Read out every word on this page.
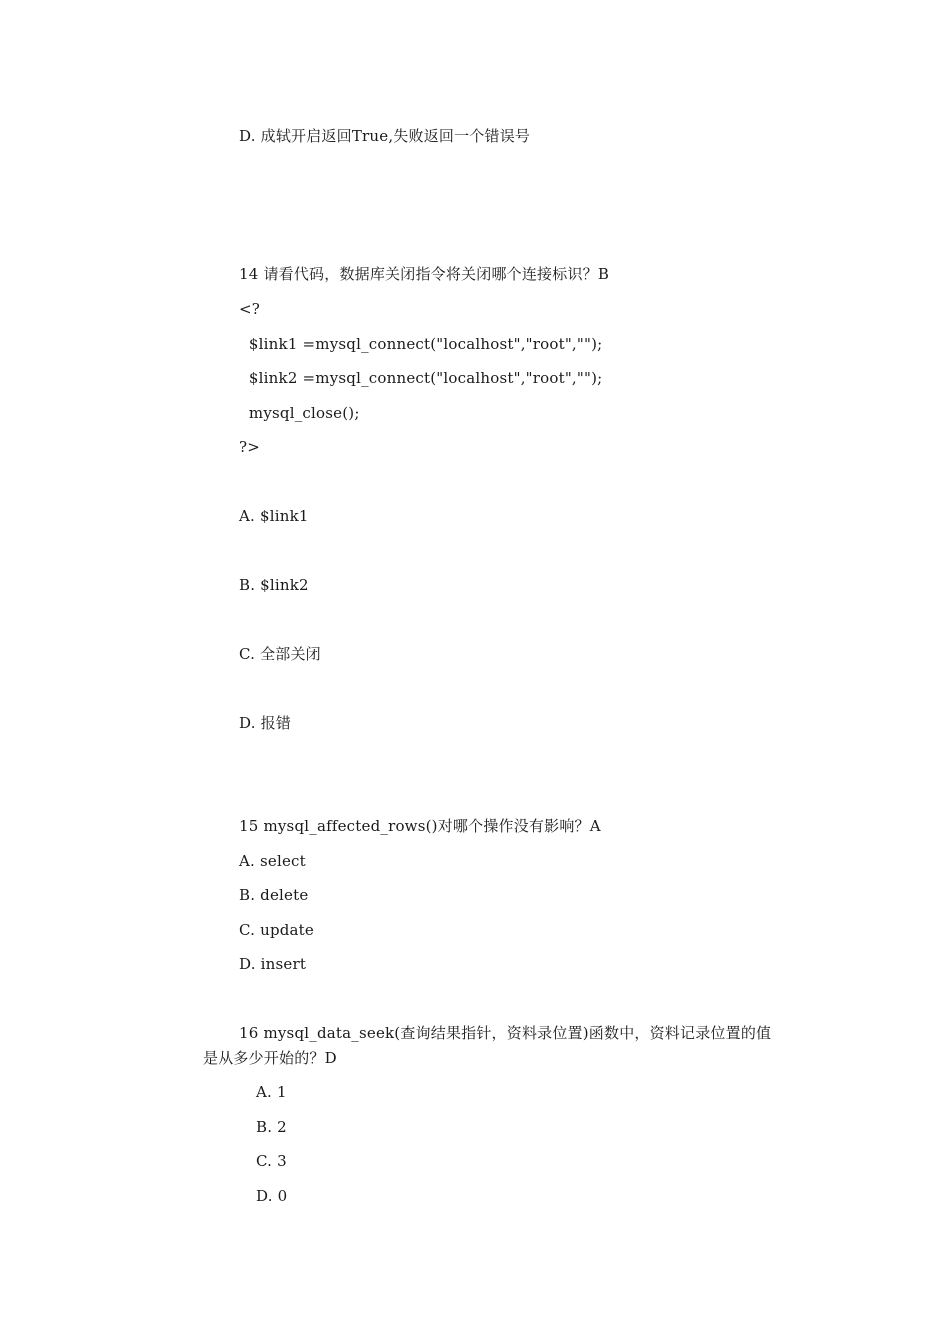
D. 成轼开启返回True,失败返回一个错误号
14 请看代码，数据库关闭指令将关闭哪个连接标识？B
<?
$link1 =mysql_connect("localhost","root","");
$link2 =mysql_connect("localhost","root","");
mysql_close();
?>
A. $link1
B. $link2
C. 全部关闭
D. 报错
15 mysql_affected_rows()对哪个操作没有影响？A
A. select
B. delete
C. update
D. insert
16 mysql_data_seek(查询结果指针，资料录位置)函数中，资料记录位置的值
是从多少开始的？D
A. 1
B. 2
C. 3
D. 0
